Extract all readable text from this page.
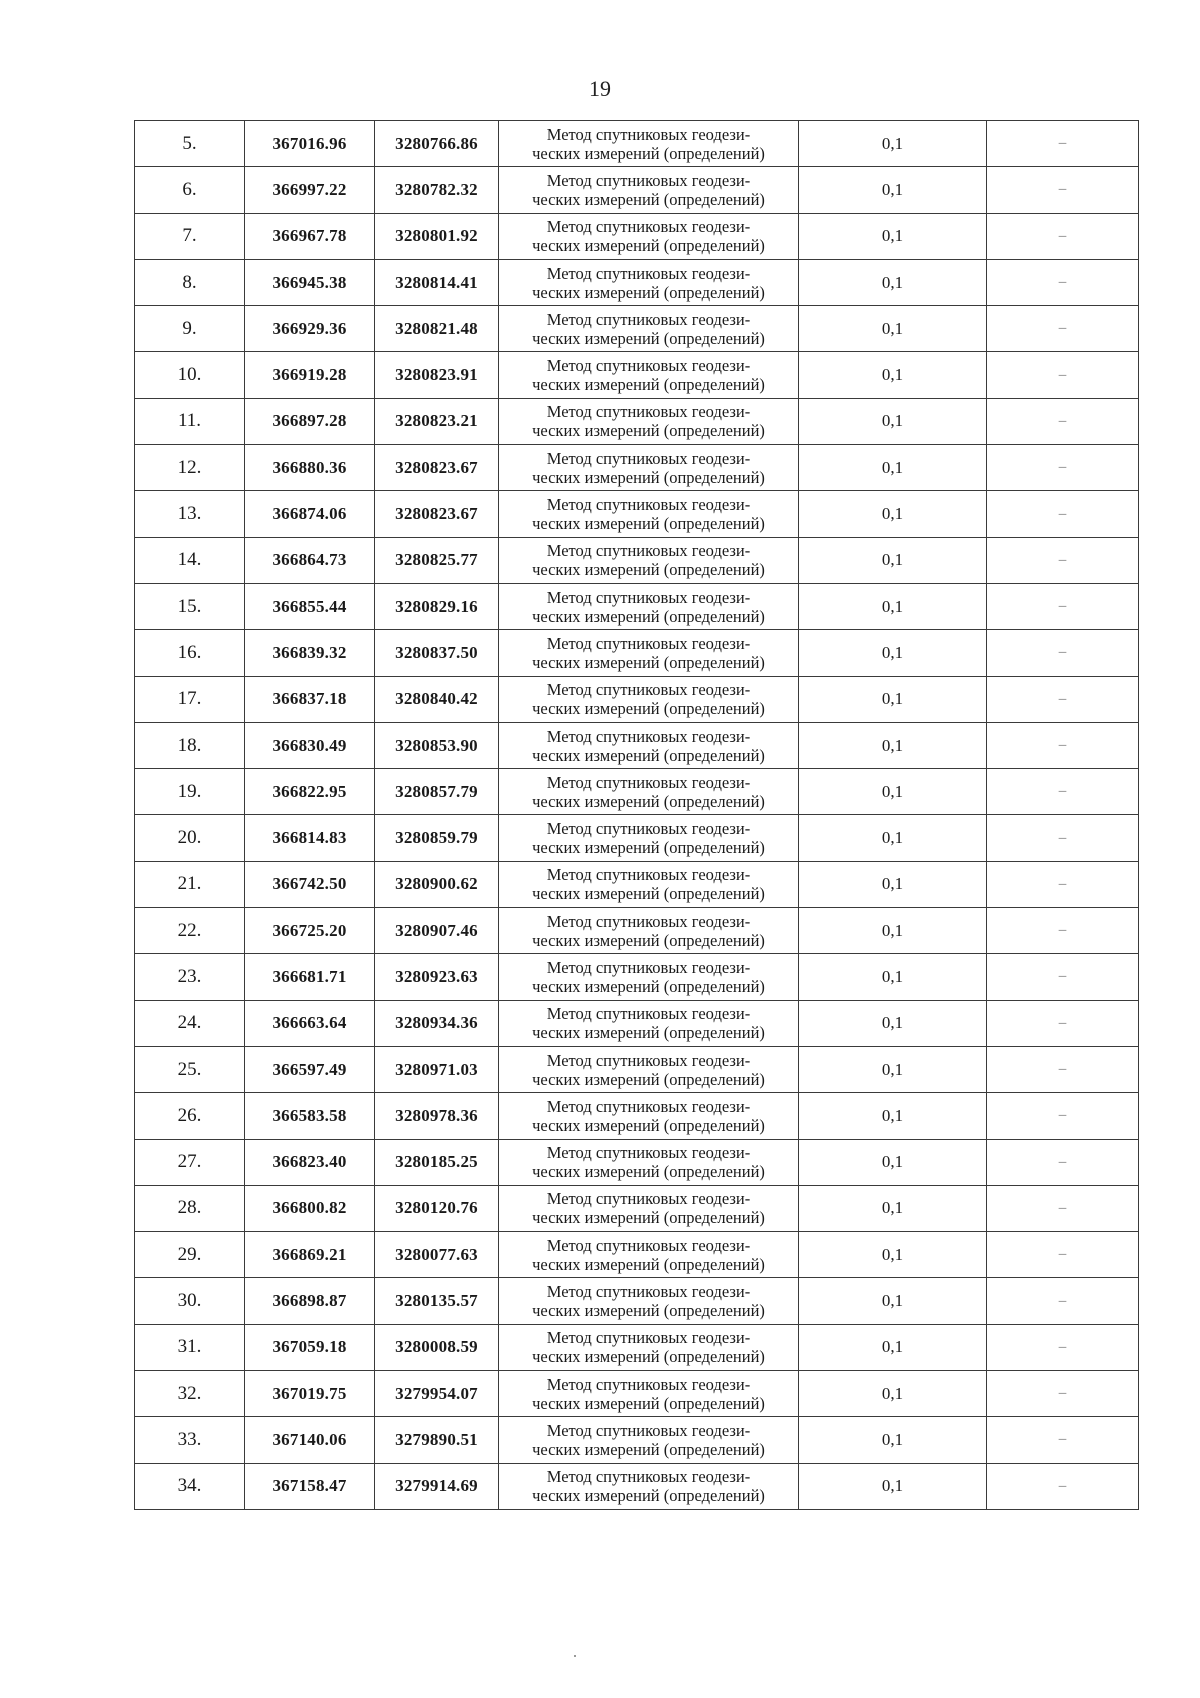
19
5.	367016.96	3280766.86	Метод спутниковых геодези-
ческих измерений (определений)	0,1	–
6.	366997.22	3280782.32	Метод спутниковых геодези-
ческих измерений (определений)	0,1	–
7.	366967.78	3280801.92	Метод спутниковых геодези-
ческих измерений (определений)	0,1	–
8.	366945.38	3280814.41	Метод спутниковых геодези-
ческих измерений (определений)	0,1	–
9.	366929.36	3280821.48	Метод спутниковых геодези-
ческих измерений (определений)	0,1	–
10.	366919.28	3280823.91	Метод спутниковых геодези-
ческих измерений (определений)	0,1	–
11.	366897.28	3280823.21	Метод спутниковых геодези-
ческих измерений (определений)	0,1	–
12.	366880.36	3280823.67	Метод спутниковых геодези-
ческих измерений (определений)	0,1	–
13.	366874.06	3280823.67	Метод спутниковых геодези-
ческих измерений (определений)	0,1	–
14.	366864.73	3280825.77	Метод спутниковых геодези-
ческих измерений (определений)	0,1	–
15.	366855.44	3280829.16	Метод спутниковых геодези-
ческих измерений (определений)	0,1	–
16.	366839.32	3280837.50	Метод спутниковых геодези-
ческих измерений (определений)	0,1	–
17.	366837.18	3280840.42	Метод спутниковых геодези-
ческих измерений (определений)	0,1	–
18.	366830.49	3280853.90	Метод спутниковых геодези-
ческих измерений (определений)	0,1	–
19.	366822.95	3280857.79	Метод спутниковых геодези-
ческих измерений (определений)	0,1	–
20.	366814.83	3280859.79	Метод спутниковых геодези-
ческих измерений (определений)	0,1	–
21.	366742.50	3280900.62	Метод спутниковых геодези-
ческих измерений (определений)	0,1	–
22.	366725.20	3280907.46	Метод спутниковых геодези-
ческих измерений (определений)	0,1	–
23.	366681.71	3280923.63	Метод спутниковых геодези-
ческих измерений (определений)	0,1	–
24.	366663.64	3280934.36	Метод спутниковых геодези-
ческих измерений (определений)	0,1	–
25.	366597.49	3280971.03	Метод спутниковых геодези-
ческих измерений (определений)	0,1	–
26.	366583.58	3280978.36	Метод спутниковых геодези-
ческих измерений (определений)	0,1	–
27.	366823.40	3280185.25	Метод спутниковых геодези-
ческих измерений (определений)	0,1	–
28.	366800.82	3280120.76	Метод спутниковых геодези-
ческих измерений (определений)	0,1	–
29.	366869.21	3280077.63	Метод спутниковых геодези-
ческих измерений (определений)	0,1	–
30.	366898.87	3280135.57	Метод спутниковых геодези-
ческих измерений (определений)	0,1	–
31.	367059.18	3280008.59	Метод спутниковых геодези-
ческих измерений (определений)	0,1	–
32.	367019.75	3279954.07	Метод спутниковых геодези-
ческих измерений (определений)	0,1	–
33.	367140.06	3279890.51	Метод спутниковых геодези-
ческих измерений (определений)	0,1	–
34.	367158.47	3279914.69	Метод спутниковых геодези-
ческих измерений (определений)	0,1	–
